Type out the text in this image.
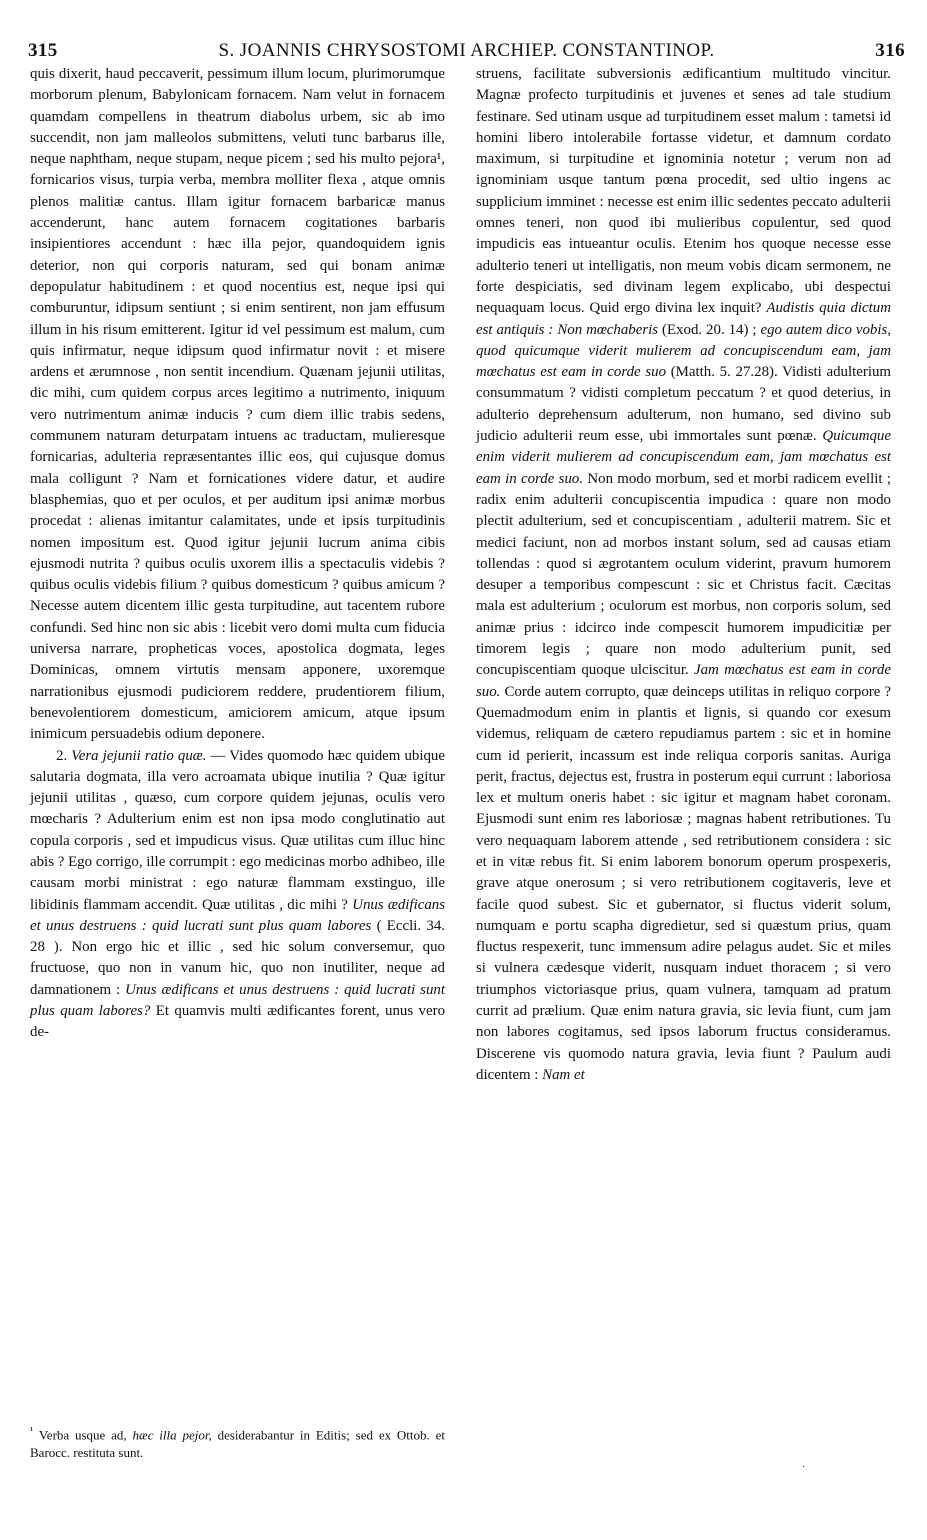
315	S. JOANNIS CHRYSOSTOMI ARCHIEP. CONSTANTINOP.	316

quis dixerit, haud peccaverit, pessimum illum locum, plurimorumque morborum plenum, Babylonicam fornacem. Nam velut in fornacem quamdam compellens in theatrum diabolus urbem, sic ab imo succendit, non jam malleolos submittens, veluti tunc barbarus ille, neque naphtham, neque stupam, neque picem ; sed his multo pejora¹, fornicarios visus, turpia verba, membra molliter flexa , atque omnis plenos malitiæ cantus. Illam igitur fornacem barbaricæ manus accenderunt, hanc autem fornacem cogitationes barbaris insipientiores accendunt : hæc illa pejor, quandoquidem ignis deterior, non qui corporis naturam, sed qui bonam animæ depopulatur habitudinem : et quod nocentius est, neque ipsi qui comburuntur, idipsum sentiunt ; si enim sentirent, non jam effusum illum in his risum emitterent. Igitur id vel pessimum est malum, cum quis infirmatur, neque idipsum quod infirmatur novit : et misere ardens et ærumnose , non sentit incendium. Quænam jejunii utilitas, dic mihi, cum quidem corpus arces legitimo a nutrimento, iniquum vero nutrimentum animæ inducis ? cum diem illic trabis sedens, communem naturam deturpatam intuens ac traductam, mulieresque fornicarias, adulteria repræsentantes illic eos, qui cujusque domus mala colligunt ? Nam et fornicationes videre datur, et audire blasphemias, quo et per oculos, et per auditum ipsi animæ morbus procedat : alienas imitantur calamitates, unde et ipsis turpitudinis nomen impositum est. Quod igitur jejunii lucrum anima cibis ejusmodi nutrita ? quibus oculis uxorem illis a spectaculis videbis ? quibus oculis videbis filium ? quibus domesticum ? quibus amicum ? Necesse autem dicentem illic gesta turpitudine, aut tacentem rubore confundi. Sed hinc non sic abis : licebit vero domi multa cum fiducia universa narrare, propheticas voces, apostolica dogmata, leges Dominicas, omnem virtutis mensam apponere, uxoremque narrationibus ejusmodi pudiciorem reddere, prudentiorem filium, benevolentiorem domesticum, amiciorem amicum, atque ipsum inimicum persuadebis odium deponere.

2. Vera jejunii ratio quæ. — Vides quomodo hæc quidem ubique salutaria dogmata, illa vero acroamata ubique inutilia ? Quæ igitur jejunii utilitas , quæso, cum corpore quidem jejunas, oculis vero mœcharis ? Adulterium enim est non ipsa modo conglutinatio aut copula corporis , sed et impudicus visus. Quæ utilitas cum illuc hinc abis ? Ego corrigo, ille corrumpit : ego medicinas morbo adhibeo, ille causam morbi ministrat : ego naturæ flammam exstinguo, ille libidinis flammam accendit. Quæ utilitas , dic mihi ? Unus ædificans et unus destruens : quid lucrati sunt plus quam labores ( Eccli. 34. 28 ). Non ergo hic et illic , sed hic solum conversemur, quo fructuose, quo non in vanum hic, quo non inutiliter, neque ad damnationem : Unus ædificans et unus destruens : quid lucrati sunt plus quam labores? Et quamvis multi ædificantes forent, unus vero de-

$^{^1}$ Verba usque ad, hæc illa pejor, desiderabantur in Editis; sed ex Ottob. et Barocc. restituta sunt.

struens, facilitate subversionis ædificantium multitudo vincitur. Magnæ profecto turpitudinis et juvenes et senes ad tale studium festinare. Sed utinam usque ad turpitudinem esset malum : tametsi id homini libero intolerabile fortasse videtur, et damnum cordato maximum, si turpitudine et ignominia notetur ; verum non ad ignominiam usque tantum pœna procedit, sed ultio ingens ac supplicium imminet : necesse est enim illic sedentes peccato adulterii omnes teneri, non quod ibi mulieribus copulentur, sed quod impudicis eas intueantur oculis. Etenim hos quoque necesse esse adulterio teneri ut intelligatis, non meum vobis dicam sermonem, ne forte despiciatis, sed divinam legem explicabo, ubi despectui nequaquam locus. Quid ergo divina lex inquit? Audistis quia dictum est antiquis : Non mœchaberis (Exod. 20. 14) ; ego autem dico vobis, quod quicumque viderit mulierem ad concupiscendum eam, jam mœchatus est eam in corde suo (Matth. 5. 27.28). Vidisti adulterium consummatum ? vidisti completum peccatum ? et quod deterius, in adulterio deprehensum adulterum, non humano, sed divino sub judicio adulterii reum esse, ubi immortales sunt pœnæ. Quicumque enim viderit mulierem ad concupiscendum eam, jam mœchatus est eam in corde suo. Non modo morbum, sed et morbi radicem evellit ; radix enim adulterii concupiscentia impudica : quare non modo plectit adulterium, sed et concupiscentiam , adulterii matrem. Sic et medici faciunt, non ad morbos instant solum, sed ad causas etiam tollendas : quod si ægrotantem oculum viderint, pravum humorem desuper a temporibus compescunt : sic et Christus facit. Cæcitas mala est adulterium ; oculorum est morbus, non corporis solum, sed animæ prius : idcirco inde compescit humorem impudicitiæ per timorem legis ; quare non modo adulterium punit, sed concupiscentiam quoque ulciscitur. Jam mœchatus est eam in corde suo. Corde autem corrupto, quæ deinceps utilitas in reliquo corpore ? Quemadmodum enim in plantis et lignis, si quando cor exesum videmus, reliquam de cætero repudiamus partem : sic et in homine cum id perierit, incassum est inde reliqua corporis sanitas. Auriga perit, fractus, dejectus est, frustra in posterum equi currunt : laboriosa lex et multum oneris habet : sic igitur et magnam habet coronam. Ejusmodi sunt enim res laboriosæ ; magnas habent retributiones. Tu vero nequaquam laborem attende , sed retributionem considera : sic et in vitæ rebus fit. Si enim laborem bonorum operum prospexeris, grave atque onerosum ; si vero retributionem cogitaveris, leve et facile quod subest. Sic et gubernator, si fluctus viderit solum, numquam e portu scapha digredietur, sed si quæstum prius, quam fluctus respexerit, tunc immensum adire pelagus audet. Sic et miles si vulnera cædesque viderit, nusquam induet thoracem ; si vero triumphos victoriasque prius, quam vulnera, tamquam ad pratum currit ad prælium. Quæ enim natura gravia, sic levia fiunt, cum jam non labores cogitamus, sed ipsos laborum fructus consideramus. Discerene vis quomodo natura gravia, levia fiunt ? Paulum audi dicentem : Nam et

·
